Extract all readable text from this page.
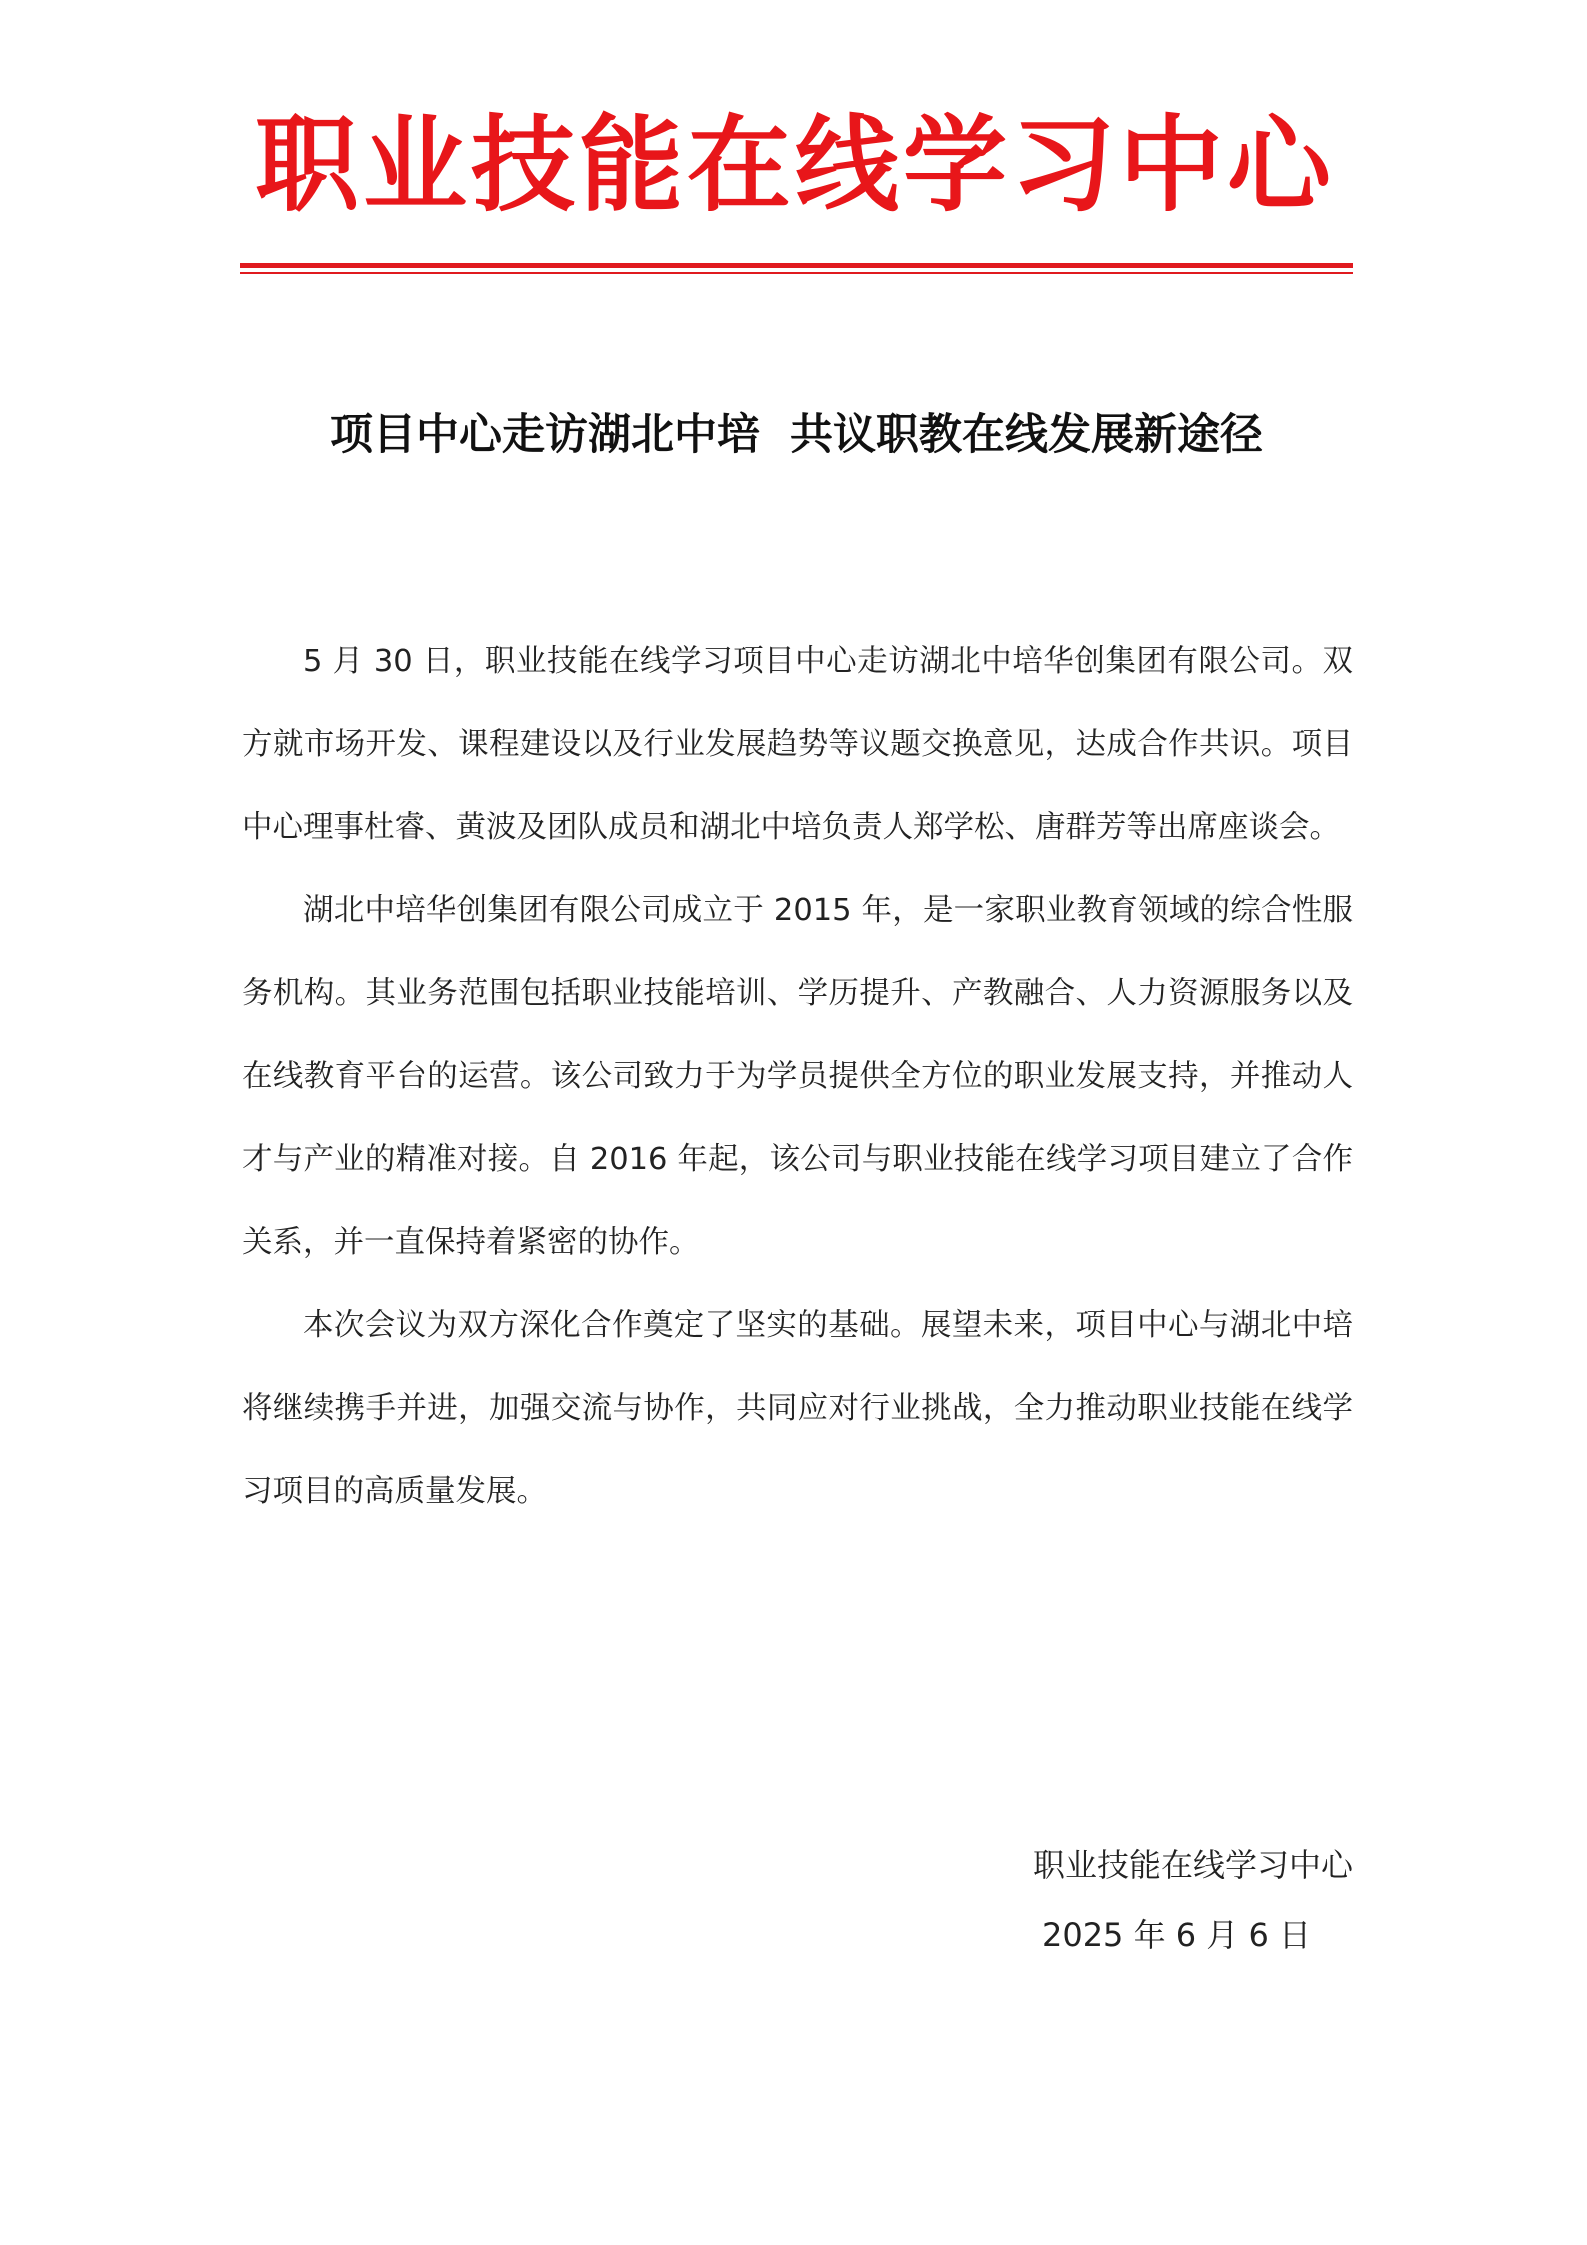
职业技能在线学习中心
项目中心走访湖北中培  共议职教在线发展新途径

5 月 30 日，职业技能在线学习项目中心走访湖北中培华创集团有限公司。双方就市场开发、课程建设以及行业发展趋势等议题交换意见，达成合作共识。项目中心理事杜睿、黄波及团队成员和湖北中培负责人郑学松、唐群芳等出席座谈会。

湖北中培华创集团有限公司成立于 2015 年，是一家职业教育领域的综合性服务机构。其业务范围包括职业技能培训、学历提升、产教融合、人力资源服务以及在线教育平台的运营。该公司致力于为学员提供全方位的职业发展支持，并推动人才与产业的精准对接。自 2016 年起，该公司与职业技能在线学习项目建立了合作关系，并一直保持着紧密的协作。

本次会议为双方深化合作奠定了坚实的基础。展望未来，项目中心与湖北中培将继续携手并进，加强交流与协作，共同应对行业挑战，全力推动职业技能在线学习项目的高质量发展。

职业技能在线学习中心
2025 年 6 月 6 日
